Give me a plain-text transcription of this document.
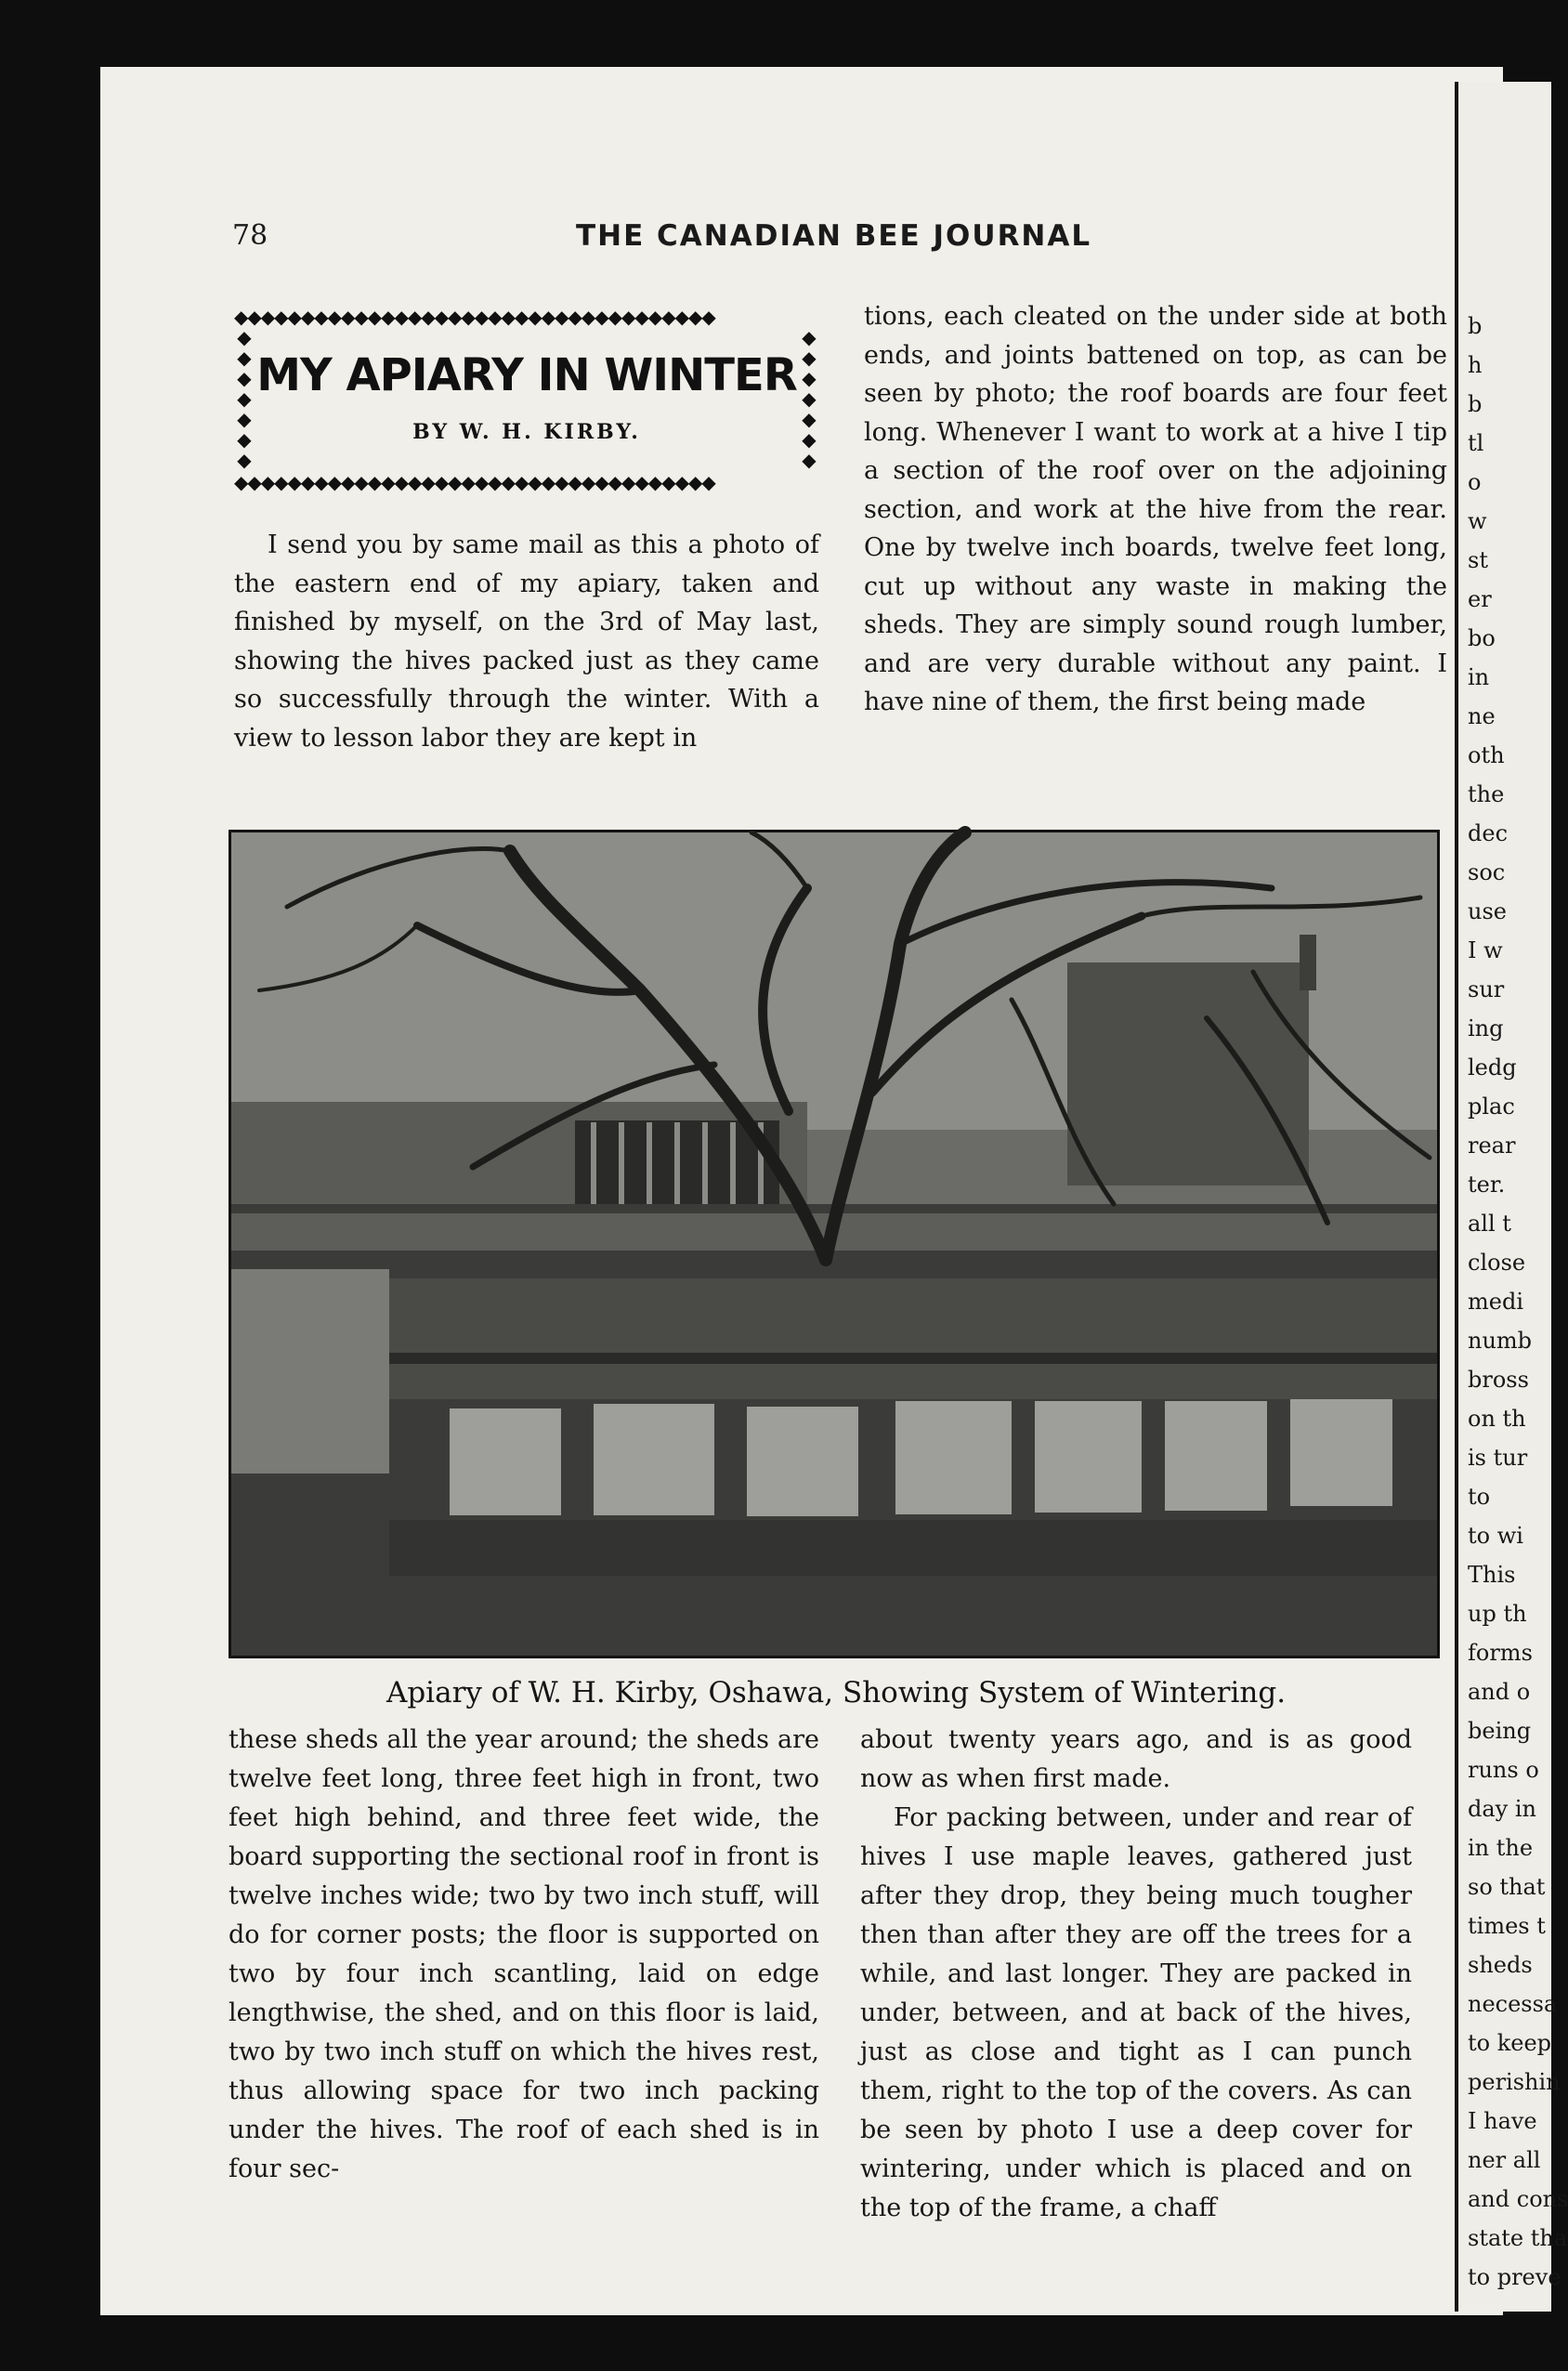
78	THE CANADIAN BEE JOURNAL
◆◆◆◆◆◆◆◆◆◆◆◆◆◆◆◆◆◆◆◆◆◆◆◆◆◆◆◆◆◆◆◆◆◆◆◆
◆
◆
◆
◆
◆
◆
◆
◆
◆
◆
◆
◆
◆
◆
◆◆◆◆◆◆◆◆◆◆◆◆◆◆◆◆◆◆◆◆◆◆◆◆◆◆◆◆◆◆◆◆◆◆◆◆
MY APIARY IN WINTER
BY W. H. KIRBY.

I send you by same mail as this a photo of the eastern end of my apiary, taken and finished by myself, on the 3rd of May last, showing the hives packed just as they came so successfully through the winter. With a view to lesson labor they are kept in

tions, each cleated on the under side at both ends, and joints battened on top, as can be seen by photo; the roof boards are four feet long. Whenever I want to work at a hive I tip a section of the roof over on the adjoining section, and work at the hive from the rear. One by twelve inch boards, twelve feet long, cut up without any waste in making the sheds. They are simply sound rough lumber, and are very durable without any paint. I have nine of them, the first being made

Apiary of W. H. Kirby, Oshawa, Showing System of Wintering.

these sheds all the year around; the sheds are twelve feet long, three feet high in front, two feet high behind, and three feet wide, the board supporting the sectional roof in front is twelve inches wide; two by two inch stuff, will do for corner posts; the floor is supported on two by four inch scantling, laid on edge lengthwise, the shed, and on this floor is laid, two by two inch stuff on which the hives rest, thus allowing space for two inch packing under the hives. The roof of each shed is in four sec-

about twenty years ago, and is as good now as when first made.

For packing between, under and rear of hives I use maple leaves, gathered just after they drop, they being much tougher then than after they are off the trees for a while, and last longer. They are packed in under, between, and at back of the hives, just as close and tight as I can punch them, right to the top of the covers. As can be seen by photo I use a deep cover for wintering, under which is placed and on the top of the frame, a chaff

b
h
b
tl
o
w
st
er
bo
in
ne
oth
the
dec
soc
use
I w
sur
ing
ledg
plac
rear
ter.
all t
close
medi
numb
bross
on th
is tur
to
to wi
This
up th
forms
and o
being
runs o
day in
in the
so that
times t
sheds
necessa
to keep
perishin
I have
ner all
and cons
state tha
to preve
